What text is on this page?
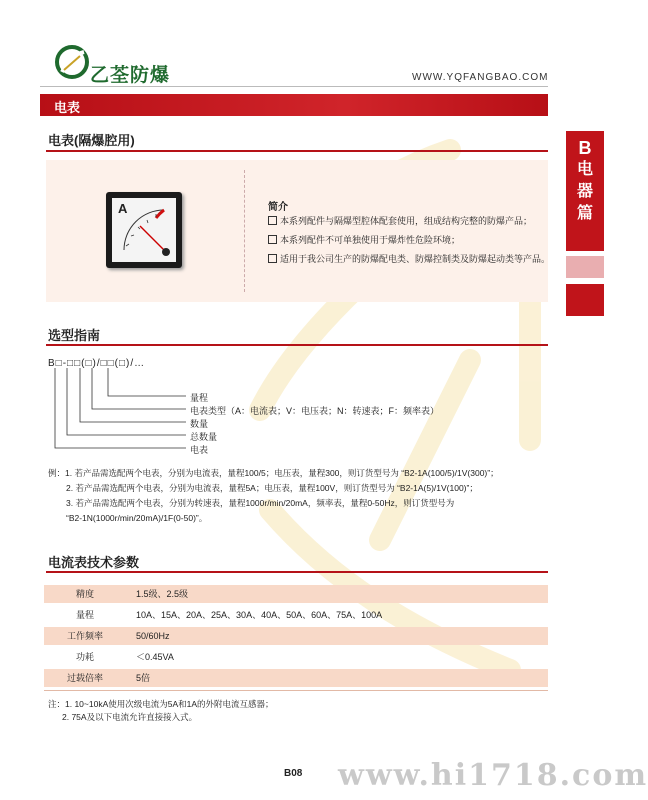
乙荃防爆	WWW.YQFANGBAO.COM
电表
B
电
器
篇
电表(隔爆腔用)
A	简介
本系列配件与隔爆型腔体配套使用，组成结构完整的防爆产品；
本系列配件不可单独使用于爆炸性危险环境；
适用于我公司生产的防爆配电类、防爆控制类及防爆起动类等产品。
选型指南
B□-□□(□)/□□(□)/…
量程
电表类型（A：电流表；V：电压表；N：转速表；F：频率表）
数量
总数量
电表
例：1. 若产品需选配两个电表，分别为电流表，量程100/5；电压表，量程300，则订货型号为 “B2-1A(100/5)/1V(300)”；
2. 若产品需选配两个电表，分别为电流表，量程5A；电压表，量程100V，则订货型号为 “B2-1A(5)/1V(100)”；
3. 若产品需选配两个电表，分别为转速表，量程1000r/min/20mA，频率表，量程0-50Hz，则订货型号为
“B2-1N(1000r/min/20mA)/1F(0-50)”。
电流表技术参数
精度	1.5级、2.5级
量程	10A、15A、20A、25A、30A、40A、50A、60A、75A、100A
工作频率	50/60Hz
功耗	＜0.45VA
过载倍率	5倍
注：1. 10~10kA使用次级电流为5A和1A的外附电流互感器；
2. 75A及以下电流允许直接接入式。
B08 www.hi1718.com
